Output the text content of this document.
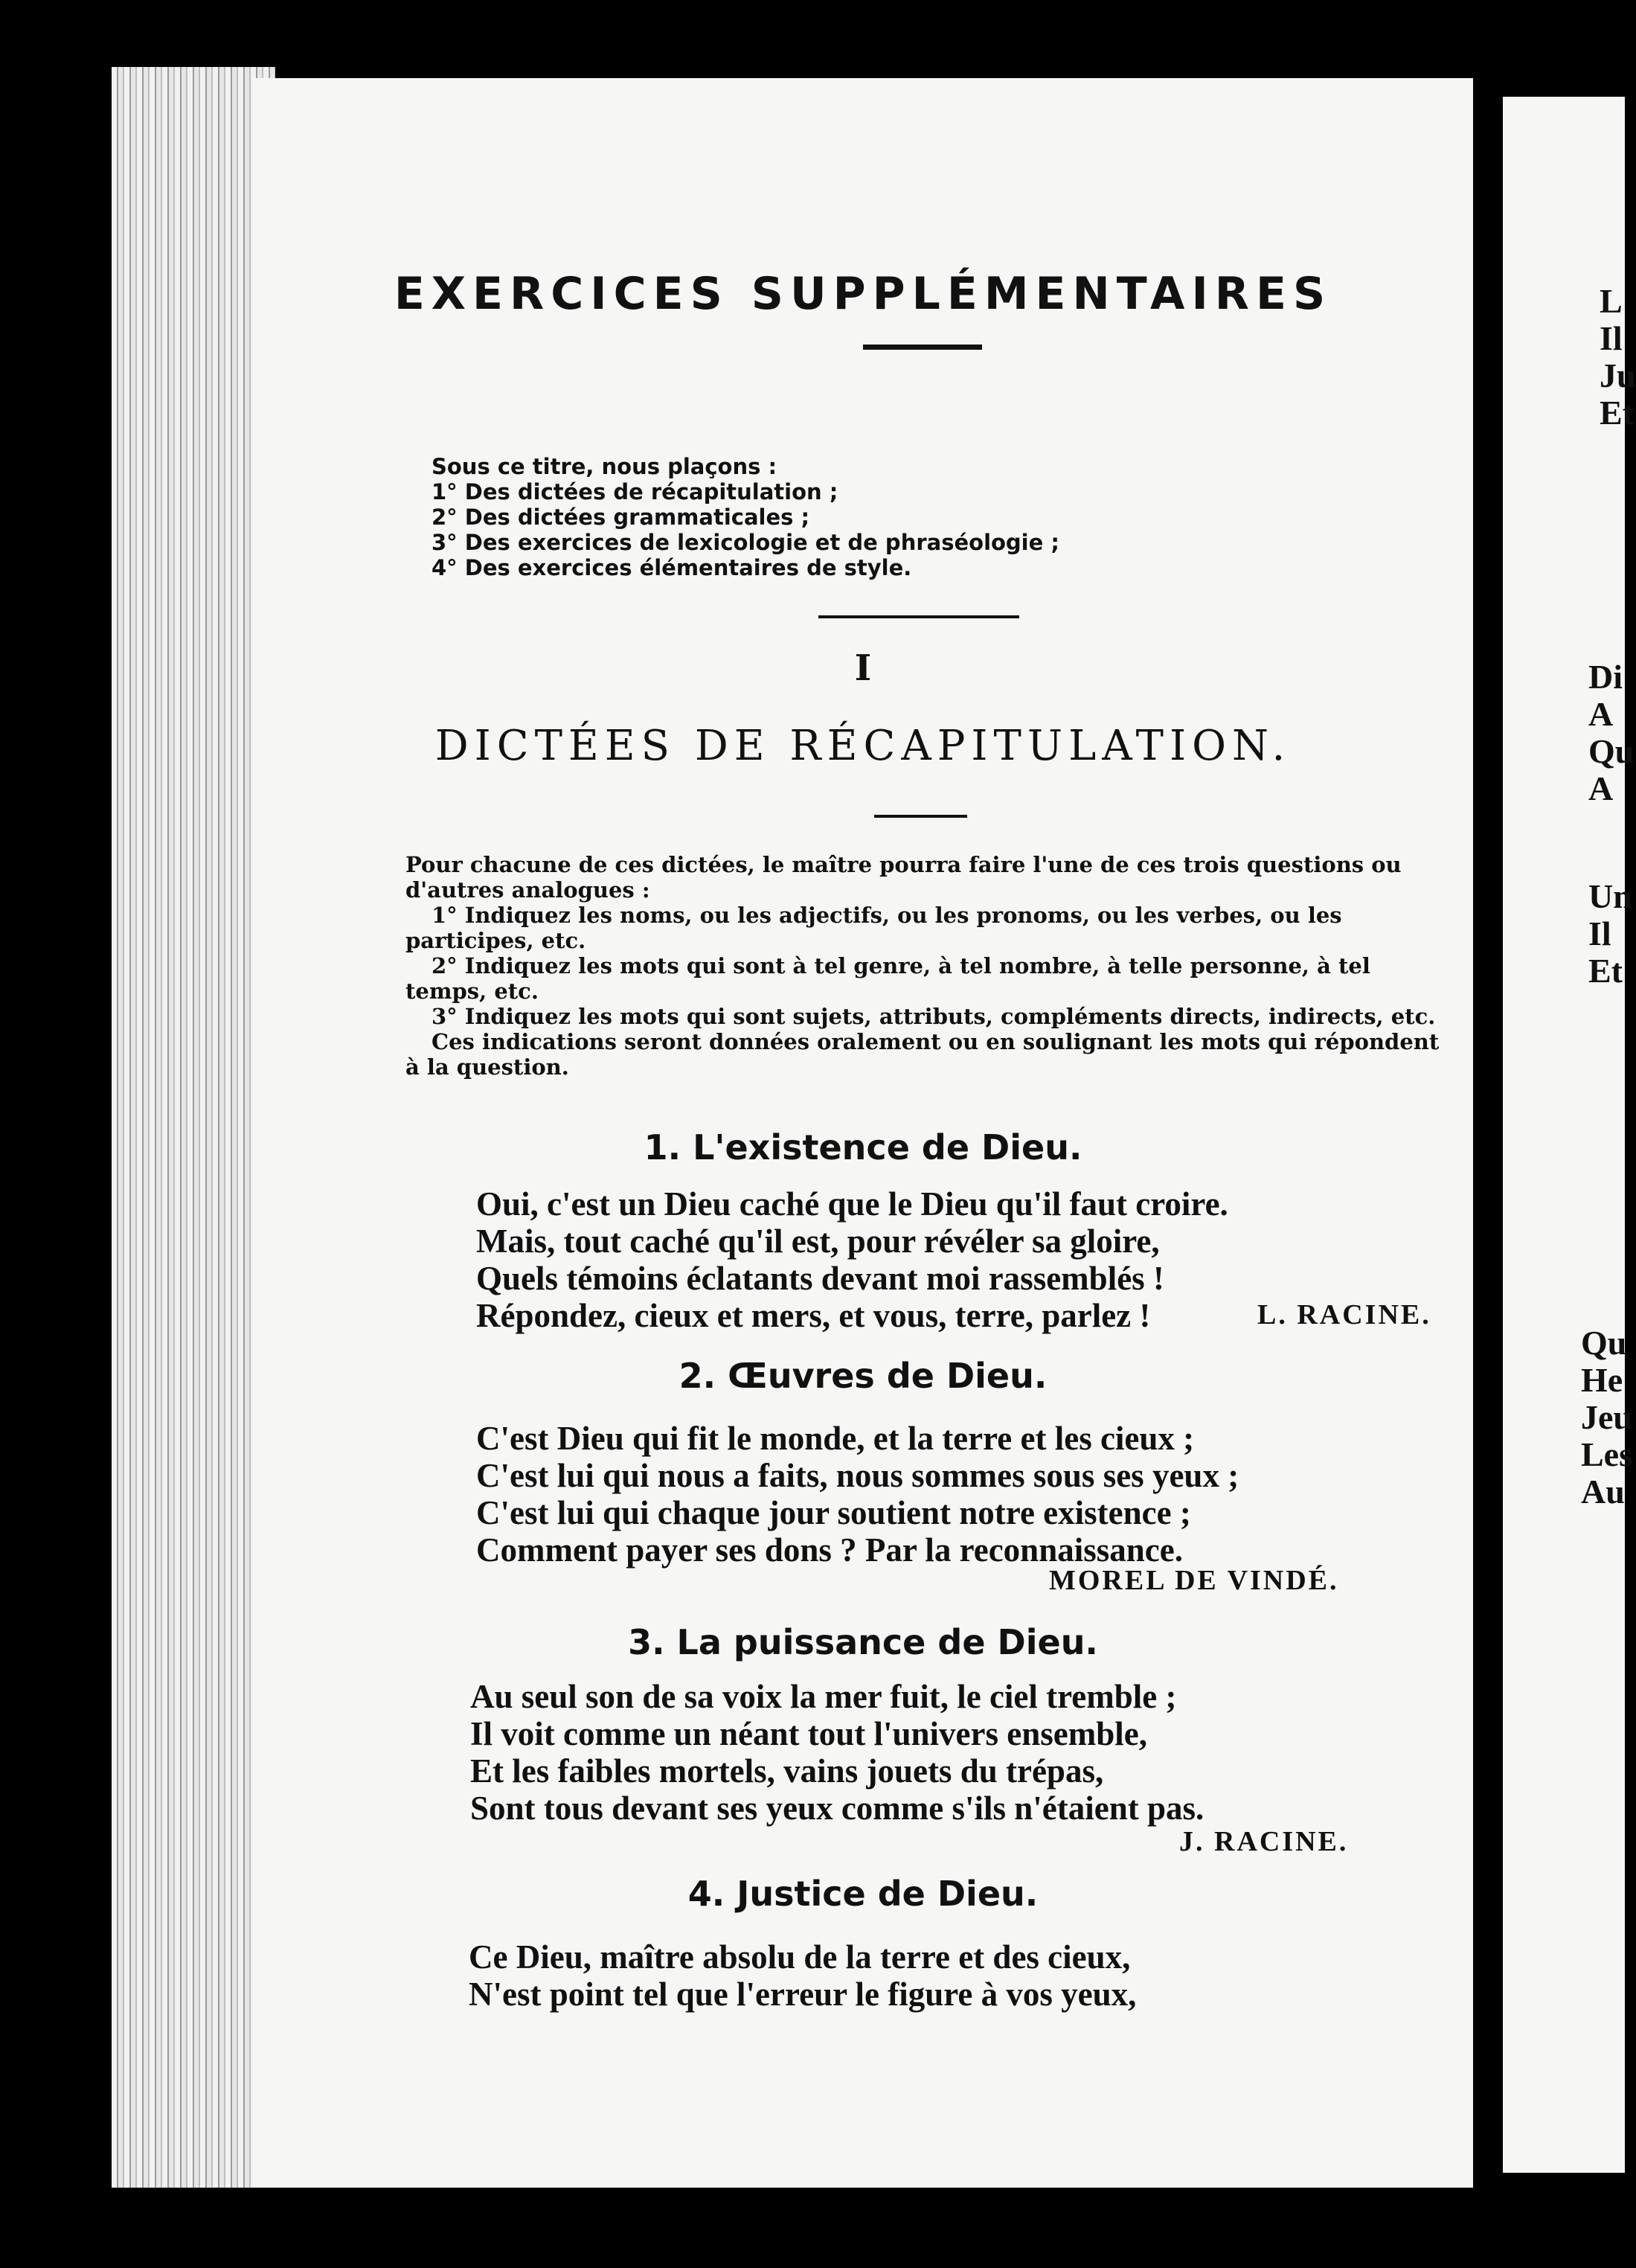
EXERCICES SUPPLÉMENTAIRES
Sous ce titre, nous plaçons :
1° Des dictées de récapitulation ;
2° Des dictées grammaticales ;
3° Des exercices de lexicologie et de phraséologie ;
4° Des exercices élémentaires de style.
I
DICTÉES DE RÉCAPITULATION.

Pour chacune de ces dictées, le maître pourra faire l'une de ces trois questions ou d'autres analogues :

1° Indiquez les noms, ou les adjectifs, ou les pronoms, ou les verbes, ou les participes, etc.

2° Indiquez les mots qui sont à tel genre, à tel nombre, à telle personne, à tel temps, etc.

3° Indiquez les mots qui sont sujets, attributs, compléments directs, indirects, etc.

Ces indications seront données oralement ou en soulignant les mots qui répondent à la question.

1. L'existence de Dieu.
Oui, c'est un Dieu caché que le Dieu qu'il faut croire.
Mais, tout caché qu'il est, pour révéler sa gloire,
Quels témoins éclatants devant moi rassemblés !
Répondez, cieux et mers, et vous, terre, parlez !	L. RACINE.
2. Œuvres de Dieu.
C'est Dieu qui fit le monde, et la terre et les cieux ;
C'est lui qui nous a faits, nous sommes sous ses yeux ;
C'est lui qui chaque jour soutient notre existence ;
Comment payer ses dons ? Par la reconnaissance.
MOREL DE VINDÉ.
3. La puissance de Dieu.
Au seul son de sa voix la mer fuit, le ciel tremble ;
Il voit comme un néant tout l'univers ensemble,
Et les faibles mortels, vains jouets du trépas,
Sont tous devant ses yeux comme s'ils n'étaient pas.
J. RACINE.
4. Justice de Dieu.
Ce Dieu, maître absolu de la terre et des cieux,
N'est point tel que l'erreur le figure à vos yeux,
L
Il
Ju
Et
Di
A
Qu
A
Un
Il
Et
Qu
He
Jeu
Les
Au
